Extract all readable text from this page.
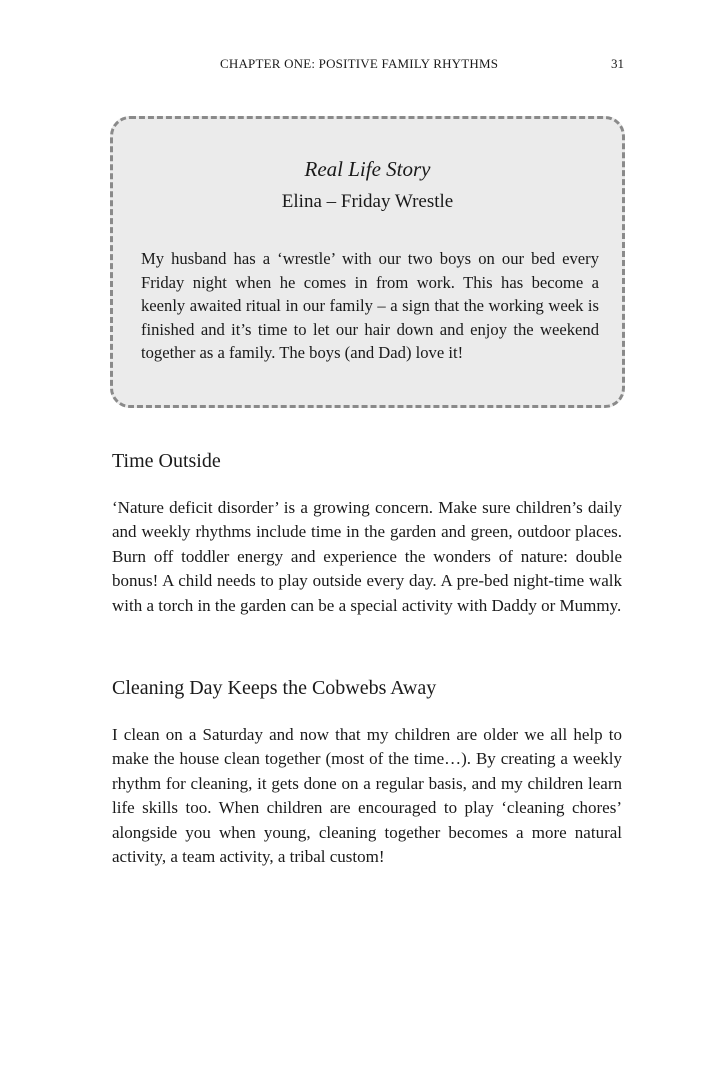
CHAPTER ONE: POSITIVE FAMILY RHYTHMS	31
Real Life Story
Elina – Friday Wrestle

My husband has a ‘wrestle’ with our two boys on our bed every Friday night when he comes in from work. This has become a keenly awaited ritual in our family – a sign that the working week is finished and it’s time to let our hair down and enjoy the weekend together as a family. The boys (and Dad) love it!

Time Outside

‘Nature deficit disorder’ is a growing concern. Make sure children’s daily and weekly rhythms include time in the garden and green, outdoor places. Burn off toddler energy and experience the wonders of nature: double bonus! A child needs to play outside every day. A pre-bed night-time walk with a torch in the garden can be a special activity with Daddy or Mummy.

Cleaning Day Keeps the Cobwebs Away

I clean on a Saturday and now that my children are older we all help to make the house clean together (most of the time…). By creating a weekly rhythm for cleaning, it gets done on a regular basis, and my children learn life skills too. When children are encouraged to play ‘cleaning chores’ alongside you when young, cleaning together becomes a more natural activity, a team activity, a tribal custom!
